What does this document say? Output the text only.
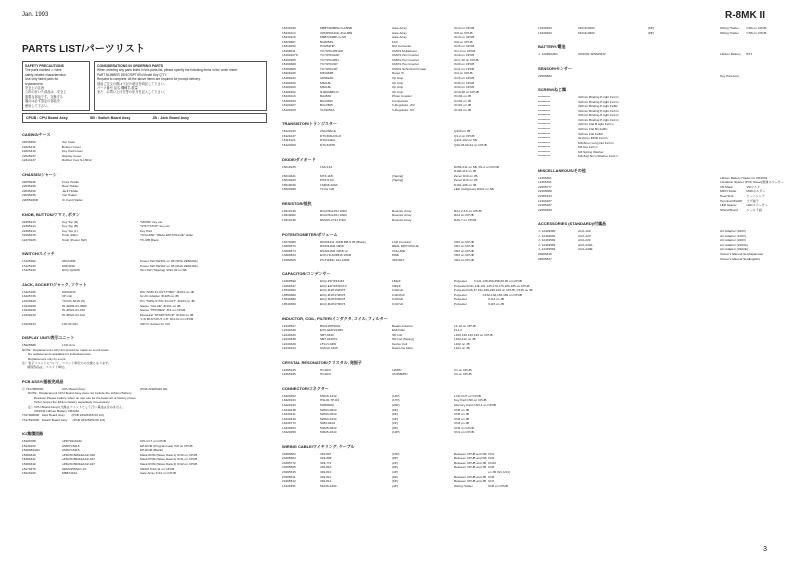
Jan. 1993	R-8MK II
3
PARTS LIST/パーツリスト
SAFETY PRECAUTIONS
The parts marked ⚠ have
safety-related characteristics.
Use only listed parts for
replacement.
安全上の注意
⚠印の付いた部品は、安全上
重要な部品です。交換する
場合は必ず指定の部品を
使用して下さい。
CONSIDERATIONS IN ORDERING PARTS
When ordering any parts listed in this parts list, please specify the following items in the order sheet:
PART NUMBER DESCRIPTION Model Key Q'TY
Request to complete: All the above items are required for prompt delivery.
部品ご注文の際は下記の項目を明記して下さい。
パーツ番号 品名 機種名 数量
また、お買い上げ日等の年月を記入して下さい。
CPUB : CPU Board Assy	SB : Switch Board Assy	JB : Jack Board Assy
CASING/ケース
22045459	Top Case
22025411	Bottom Cover
22025415	Key Pad Cover
22025237	Display Cover
12344137	Rubber Foot SJ-5012
CHASSIS/シャーシ
22035236	Front Holder
22035239	Rear Holder
22035240	Jack Holder
22035245	Inst Holder
22055180D	IC Card Holder
KNOB, BUTTON/ツマミ, ボタン
22495213	Key Top (R)	"MODE" key etc.
22495213	Key Top (B)	"STFT.STOP" key etc.
22495214	Key Top (L)	Key Pad
22495219	Knob Slider	"VOLUME" "REAL EDIT/VALUE" slider
12479225	Knob (Power SW)	TK-305 Black
SWITCH/スイッチ
13125392	SPUN18F	Power SW SW101 on JB (SNG.ZE5020A)
13125163	SDKW40	Power SW SW101 on JB (SNG.ZE4010A)
13125142	EVQ-Q2G0K	Tact SW (Tapping) SW1-49 on SB
JACK, SOCKET/ジャック, ソケット
13425186	MJ031NS	DIN "MIDI IN,OUT,THRU" JK104 on JB
13425726	3P Unit	for AC Adaptor JK105 on JB
13449625	YKC21-5218 (N)	Pin "TAPE SYNC IN,OUT" JK103 on JB
13449208	HLJ4066-01-3800	Stereo "VALUE" JK101 on JB
13449246	HLJ0521-01-010	Stereo "PHONES" JK1 on CPUB
13449133	HLJ0521-01-110	Monaural "START/STOP" JK102 on JB
"L,R,MULTIOUT 1-8" JK2-10 on CPUB
13429443	130-02-001	32P IC Socket for IC9
DISPLAY UNIT/表示ユニット
15025588	LCD Unit
NOTE:  Replacement LCD Unit should be made on a unit basis.
No replacements available for individual parts.
Replacement only by a unit.
注）表示ユニットについて、ユニット単位での交換となります。
個別部品は、ユニット単位。
PCB ASSY/基板完成品
Ⓒ 7317809000	CPU Board Assy	(PCB 22925449 00)
NOTE:  Replacement CPU Board Assy does not include the Lithium Battery.
Because Please battery when on cpu use for the basis air of factory prices.
Order proper the lithium battery separately if necessary.
注）CPU Board Assyの交換はユニットとして行い電池は含みません。
CR2032 Lithium Battery CR2032
7317808000   Jack Board Assy        (PCB 22925456 00 1/2)
7317810000   Switch Board Assy      (PCB 22925456 00 2/2)
IC/集積回路
15199788	uPD70216GM	CPU IC7 on CPUB
15449162	AMD7C5115	EP-ROM (Programmed) IC8 on CPUB
152808444D	AMD7C5115	EP-ROM (Blank)
15289440	uPD23C8001EACZ-026	Mask ROM (Wave Data 1) IC30 on CPUB
15289441	uPD23C8001EACZ-027	Mask ROM (Wave Data 2) IC31 on CPUB
15289442	uPD23C8001EACZ-027	Mask ROM (Wave Data 3) IC32 on CPUB
15179479	SRM2256SLC-10	SRAM IC10,11 on CPUB
15229160	MB87419A	Gate Array IC12 on CPUB
15239199	MB87420BPE-G-LBND	Gate Array	IC13 on CPUB
15239114	UPD65013GF-312-3B9	Gate Array	IC8 on CPUB
15239115	MB87244BP-G-SH	Gate Array	IC14 on CPUB
15229607	BU8054S	FAX	IC6 on CPUB
15319152	PCM54HP	D/A Converter	IC16 on CPUB
15199611	TC74HC4051AP	CMOS Multiplexer	IC1-3 on CPUB
15169107S	TC74HC02AP	CMOS Hex Inverter	IC19 on CPUB
15169205	TC74HC4051	CMOS Hex Inverter	IC17,18 on CPUB
15169608	TC74HC04P	CMOS Hex Inverter	IC20 on CPUB
15169605	TC74HC14P	CMOS Schmitt And Gate	IC11 on CPUB
15209105	M51953B	Reset IC	IC4 on CPUB
15189223	AD5624N	Op Amp	IC16 on CPUB
15189220	M5218L	Op Amp	IC28 on CPUB
15189106	M5218L	Op Amp	IC33 on CPUB
15189102	NJM2068S-D	Op Amp	IC19-38 on CPUB
15239116	BA4560	Photo Coupler	IC102 on JB
15189194	BA10393	Comparator	IC103 on JB
15109107	BA17805	V-Regulator +5V	IC101 on JB
15109109	TA7905FA	V-Regulator -5V	IC104 on JB
TRANSISTOR/トランジスター
15129126	2SC2362-E	Q100 on JB
15129137	DTC363LDS-R	Q1,2 on CPUB
15119121	DTA114EA	Q101,102 on SB
15129209	DTC343TK	Q40-45,60-61 on CPUB
DIODE/ダイオード
15019125	1SS-133	D252-241 on SB, D1,2 on CPUB
D106-113 on JB
15019421	MTZ-11B	(Taping)	Zener D19 on JB
15019420	MTZ-5.6C	(Taping)	Zener D15 on JB
15019026	1SR35-200A	D101-105 on JB
15029258	TLUG 126	LED (red/green) D201 on SB
RESISTOR/抵抗
13919146	RGLD5x103J 10kΩ	Resistor Array	RA1,2,4,5 on CPUB
13919062	RGLD5x103J 10kΩ	Resistor Array	RA3 on CPUB
13919138	RML05-273J 27kΩ	Resistor Array	RA6,7 on CPUB
POTENTIOMETER/ボリューム
13279086	RK09K111 10KB MB.5.05 (Black)	LCD Contrast	VR3 on CPUB
13289573	RS3011M4 10KB	REAL EDIT/VALUE	VR1 on CPUB
13289574	RS3011M4 10KB x2	VOLUME	VR2 on CPUB
13289523	EVH-HLAS5B15 10KB	MSB	VR3 on CPUB
13289525	PGT11B11 10A 10KB	OFFSET	VR4 on CPUB
CAPACITOR/コンデンサー
13369599	ECQ-P1H153JZ3	152pF	Polyester	C141,148,250,258,60,90 on CPUB
13469347	ECQ-E1H333KFT3	330pF	Polyester C111,116,121,125,170,175,180,185 on CPUB
13549393	ECQ-M1H102KP3	0.001uF	Polyester C26,37,151,168,240,249 on CPUB, C145 on JB
13569380	ECQ-M1H472KP3	0.0047uF	Polyester	C132-136,156,189 on CPUB
13549380	ECQ-M1H333KP3	0.033uF	Polyester	C113 on JB
13549360	ECQ-M1H473KP3	0.047uF	Polyester	C115 on JB
INDUCTOR, COIL, FILTER/インダクタ, コイル, フィルター
12439547	BK2125HS601	Beads Inductor	L1-10 on CPUB
12449349	EXC-EMT221BC	EMI Filter	FL1,2
12449326	SBT-0440	S8 Coil	L100,128,130,139 on CPUB
12449338	SBT-0440TF	S8 Coil (Taping)	L103-112 on JB
12449330	LTS-N-03W	Ferrite Coil	L102 on JB
12449144	SCD-R-1405	Data Line Filter	L101 on JB
CRYSTAL RESONATOR/クリスタル, 発振子
12265145	HC49/U	12MHz	X1 on CPUB
12269105	HC49/U	33.868MHz	X2 on CPUB
CONNECTOR/コネクター
13429252	53016-1410	(14P)	LCD CN7 on CPUB
13429234	HSL8J-7P-R4	(17P)	Key Pad CN9 on CPUB
13429233	5048006A	(20P)	Memory Card CN3,4 on CPUB
13449238	52004-0810	(8P)	CN8 on JB
13439441	52004-0610	(6P)	CN5 on JB
13449440	52004-0410	(4P)	CN6 on JB
13439773	5483-02A4	(2P)	CN3 on JB
13439254	53025-0810	(8P)	CN6 on CPUB
13429258	53025-1010	(10P)	CN1 on CPUB
WIRING CABLE/ワイヤリング, ケーブル
23495502	349-807	(10P)	Between CPUB and SB CN1
23495503	349-808	(8P)	Between CPUB and SB CN2
23495772	349-772	(2P)	Between CPUB and JB CN10
23495505	349-810	(8P)	Between CPUB and JB CN5
23495515	349-810	(4P)	on JB (3/1,1/21)
23495511	349-811	(6P)	Between CPUB and JB CN6
23495512	349-812	(6P)	Between CPUB and JB CN7
13439451	51016-0400	(4P)	Wiring Holder	CN8 on CPUB
13439460	51016-0600	(6P)	Wiring Holder	CN6 on CPUB
13439463	51016-0800	(8P)	Wiring Holder	CN5 on CPUB
BATTERY/電池
⚠ 12269049G	CR2032 3ZNMH1W	Lithium Battery	BT1
SENSOR/センサー
22505884	Key Pad Assy
SCREW/ねじ類
**********	3x6mm Binding P-tight FeCrn
**********	3x6mm Binding P-tight FeCrn
**********	3x8mm Binding P-tight FeBC
**********	3x6mm Binding P-tight FeCrn
**********	3x6mm Binding P-tight FeCrn
**********	3x6mm Binding P-tight FeCrn
**********	3x6mm Flat B-tight FeCrn
**********	3x6mm Flat B1 FeBC
**********	3x6mm Flat FeBC
**********	3x10mm BIND FeCrn
**********	M3x6mm Long Nut FeCrn
**********	M3 Nut FeCrn
**********	M3 Spring Washer
**********	M3x6x0.5mm Washer FeCrn
MISCELLANEOUS/その他
12465301	Lithium Battery Holder for CR2032
12465101	Insulation Spacer (PVC Sheet) 絶縁スペーサー
22055777	VR Mask	VRマスク
22165069	MIDI Holder	MIDIホルダー
22365123	Heat Sink	ヒートシンク
12169167	Terminal M3x08	ラグ端子
22165367	LED Spacer	LEDスペーサー
22255350	Shield Board	シールド板
ACCESSORIES (STANDARD)/付属品
⚠ 12449580	ACA-100	AC Adaptor (100V)
⚠ 12449581	ACA-120	AC Adaptor (120V)
⚠ 12449582	ACA-220	AC Adaptor (220V)
⚠ 12449583	ACA-240A	AC Adaptor (240VA)
⚠ 12449584	ACA-240E	AC Adaptor (240VE)
26005819	Owner's Manual Set (Japanese)
26005817	Owner's Manual Set (English)
